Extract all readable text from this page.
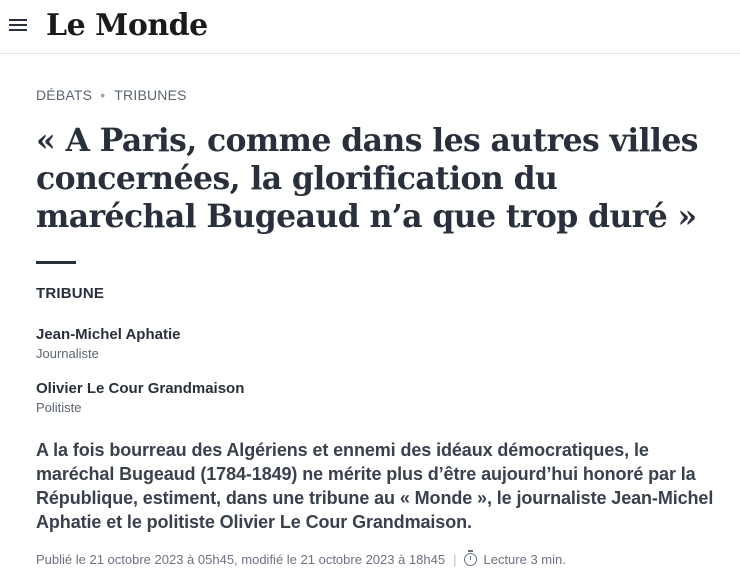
Le Monde
DÉBATS • TRIBUNES
« A Paris, comme dans les autres villes concernées, la glorification du maréchal Bugeaud n’a que trop duré »
TRIBUNE
Jean-Michel Aphatie
Journaliste
Olivier Le Cour Grandmaison
Politiste

A la fois bourreau des Algériens et ennemi des idéaux démocratiques, le maréchal Bugeaud (1784-1849) ne mérite plus d’être aujourd’hui honoré par la République, estiment, dans une tribune au « Monde », le journaliste Jean-Michel Aphatie et le politiste Olivier Le Cour Grandmaison.

Publié le 21 octobre 2023 à 05h45, modifié le 21 octobre 2023 à 18h45 | Lecture 3 min.
